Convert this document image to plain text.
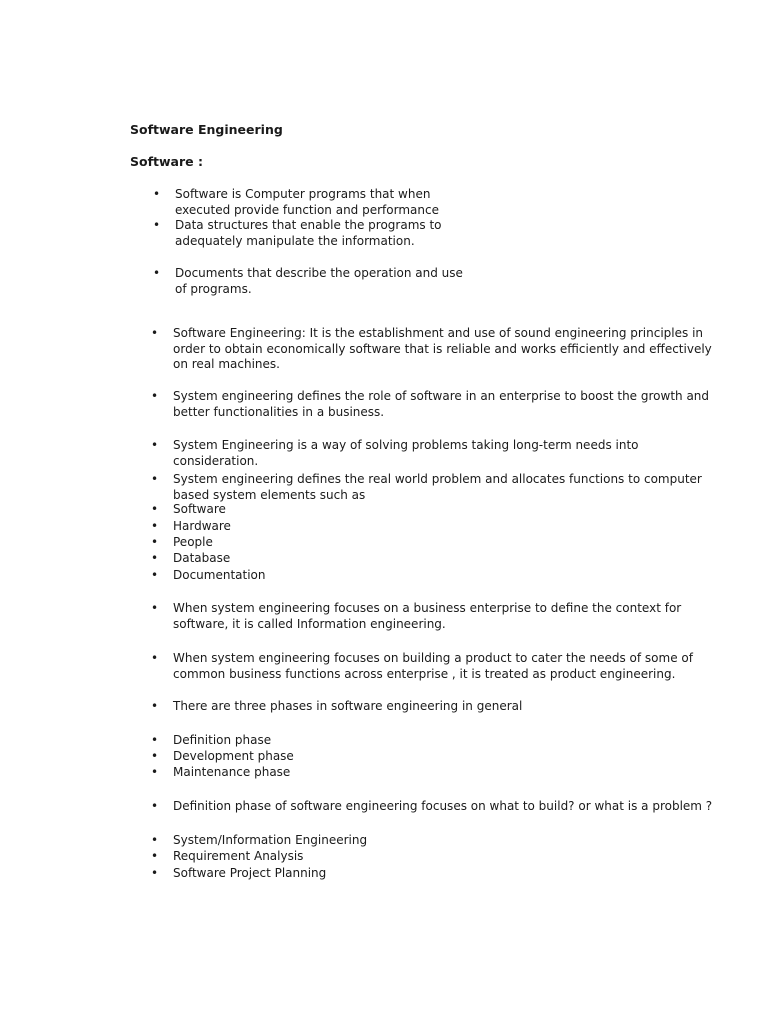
Software Engineering
Software :

• Software is Computer programs that when executed provide function and performance

• Data structures that enable the programs to adequately manipulate the information.

• Documents that describe the operation and use of programs.

• Software Engineering: It is the establishment and use of sound engineering principles in order to obtain economically software that is reliable and works efficiently and effectively on real machines.

• System engineering defines the role of software in an enterprise to boost the growth and better functionalities in a business.

• System Engineering is a way of solving problems taking long-term needs into consideration.

• System engineering defines the real world problem and allocates functions to computer based system elements such as

• Software

• Hardware

• People

• Database

• Documentation

• When system engineering focuses on a business enterprise to define the context for software, it is called Information engineering.

• When system engineering focuses on building a product to cater the needs of some of common business functions across enterprise , it is treated as product engineering.

• There are three phases in software engineering in general

• Definition phase

• Development phase

• Maintenance phase

• Definition phase of software engineering focuses on what to build? or what is a problem ?

• System/Information Engineering

• Requirement Analysis

• Software Project Planning
